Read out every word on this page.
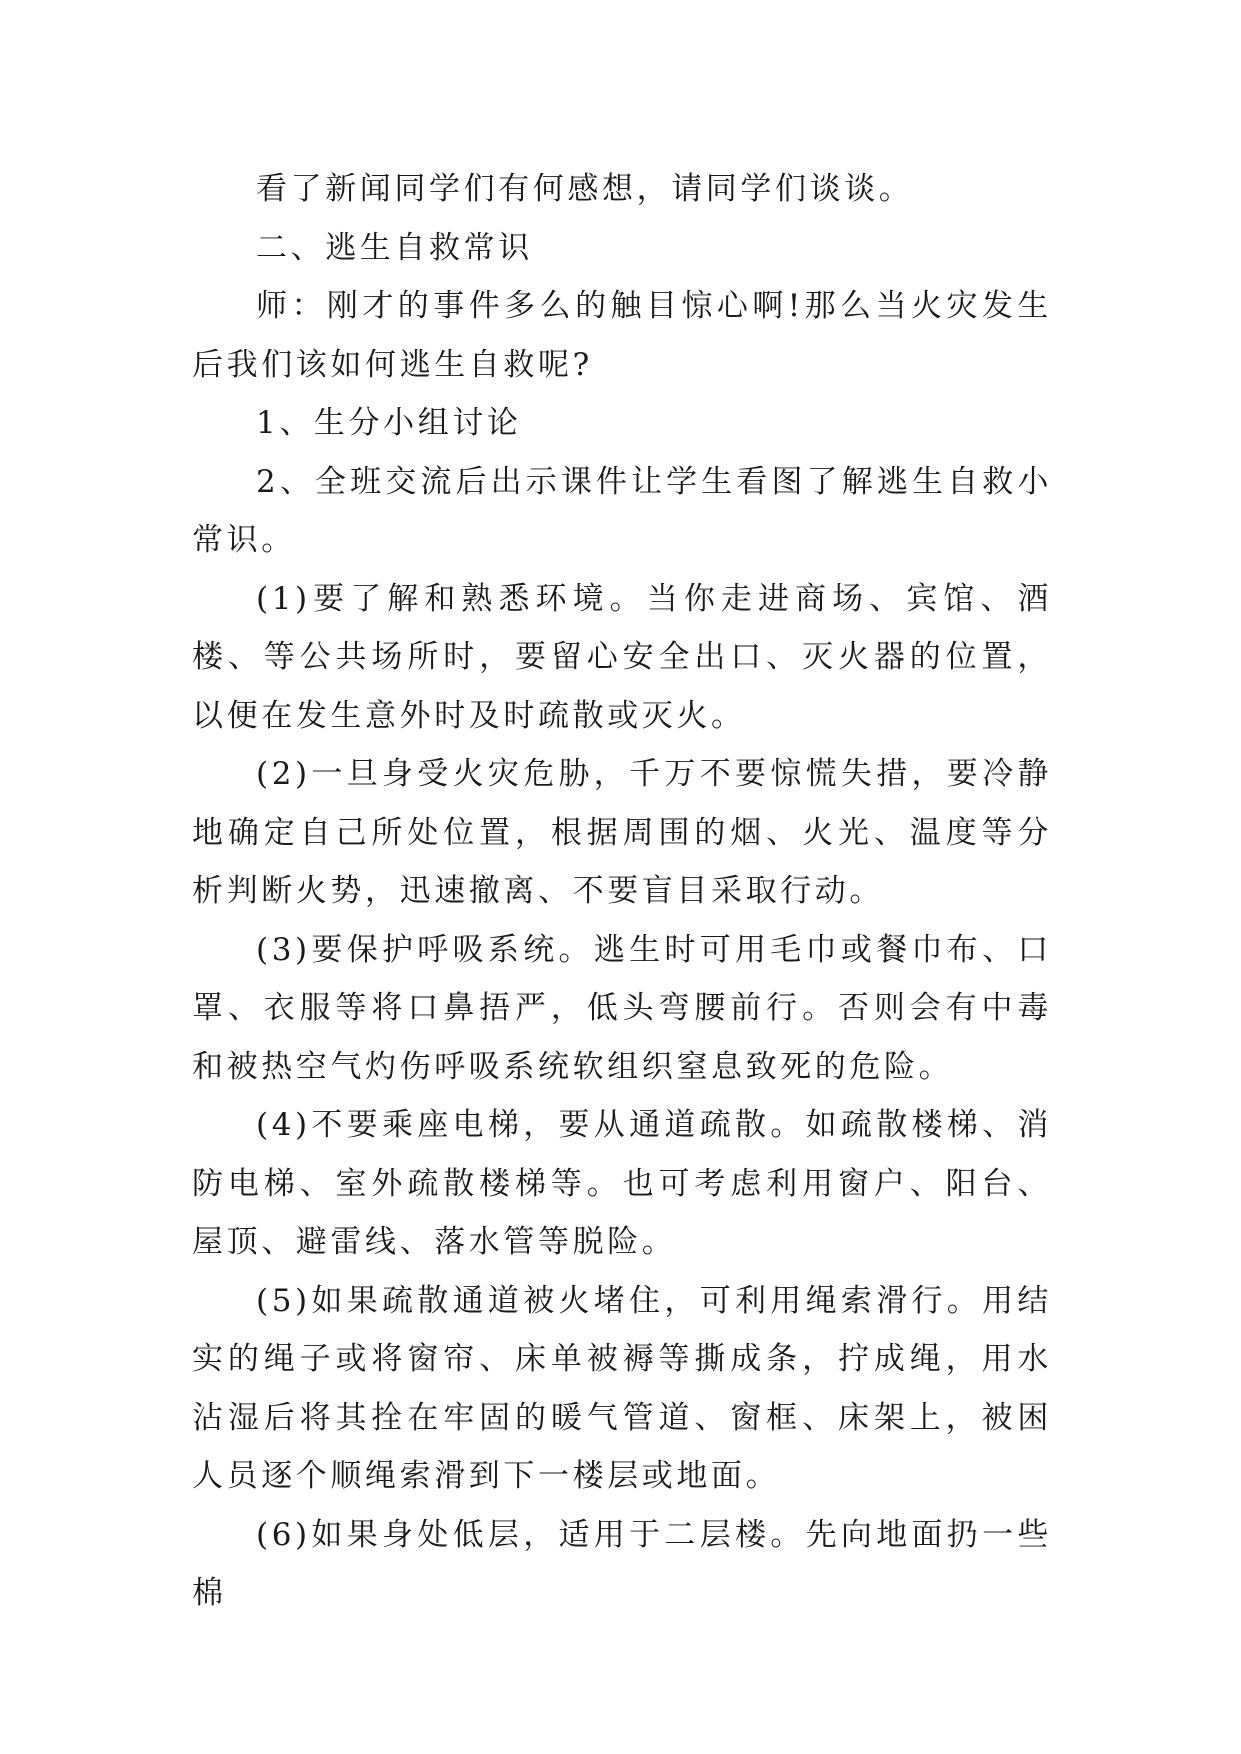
看了新闻同学们有何感想，请同学们谈谈。

二、逃生自救常识

师：刚才的事件多么的触目惊心啊!那么当火灾发生后我们该如何逃生自救呢?

1、生分小组讨论

2、全班交流后出示课件让学生看图了解逃生自救小常识。

(1)要了解和熟悉环境。当你走进商场、宾馆、酒楼、等公共场所时，要留心安全出口、灭火器的位置，以便在发生意外时及时疏散或灭火。

(2)一旦身受火灾危胁，千万不要惊慌失措，要冷静地确定自己所处位置，根据周围的烟、火光、温度等分析判断火势，迅速撤离、不要盲目采取行动。

(3)要保护呼吸系统。逃生时可用毛巾或餐巾布、口罩、衣服等将口鼻捂严，低头弯腰前行。否则会有中毒和被热空气灼伤呼吸系统软组织窒息致死的危险。

(4)不要乘座电梯，要从通道疏散。如疏散楼梯、消防电梯、室外疏散楼梯等。也可考虑利用窗户、阳台、屋顶、避雷线、落水管等脱险。

(5)如果疏散通道被火堵住，可利用绳索滑行。用结实的绳子或将窗帘、床单被褥等撕成条，拧成绳，用水沾湿后将其拴在牢固的暖气管道、窗框、床架上，被困人员逐个顺绳索滑到下一楼层或地面。

(6)如果身处低层，适用于二层楼。先向地面扔一些棉
